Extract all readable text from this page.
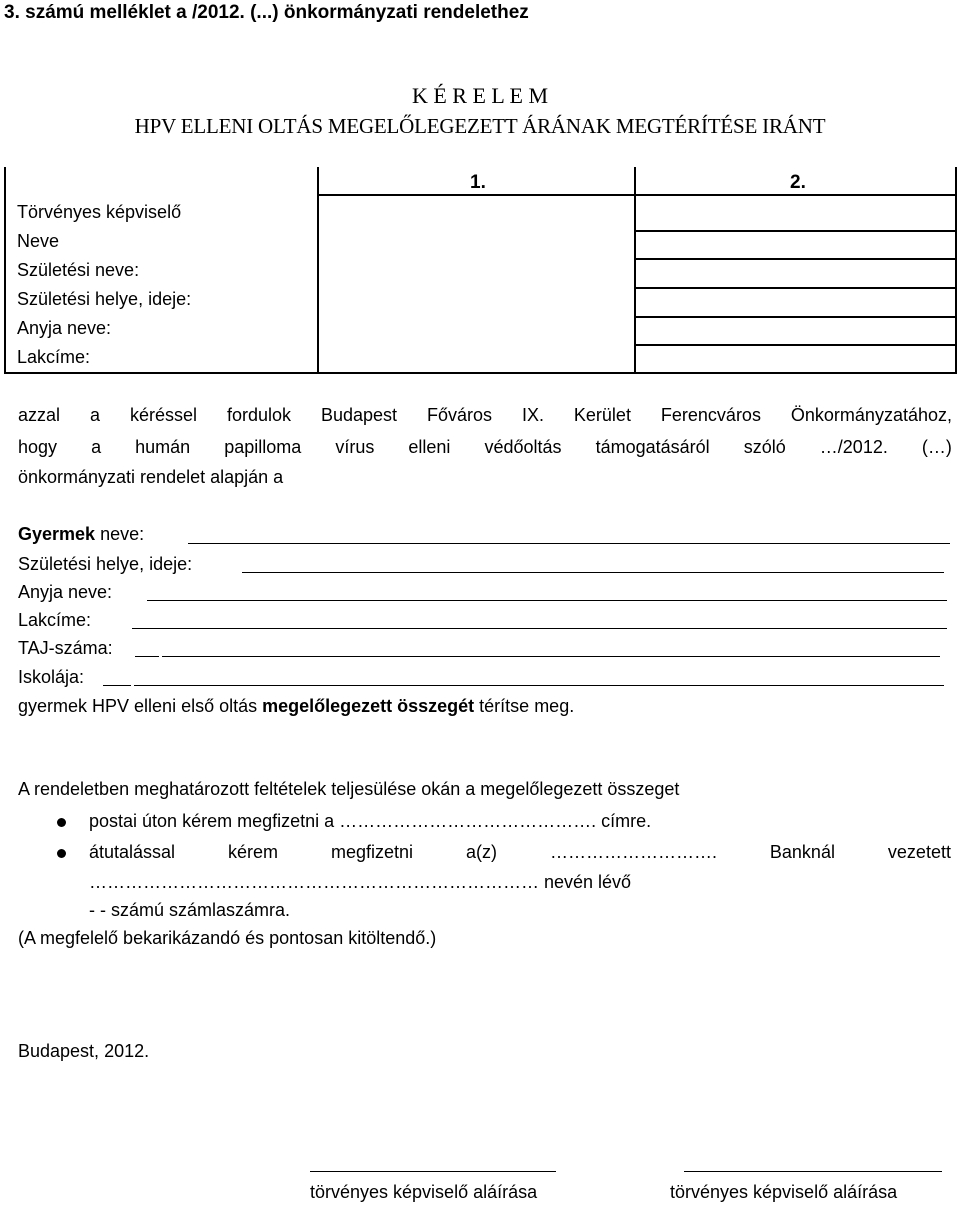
3. számú melléklet a /2012. (...) önkormányzati rendelethez
K É R E L E M
HPV ELLENI OLTÁS MEGELŐLEGEZETT ÁRÁNAK MEGTÉRÍTÉSE IRÁNT
1.	2.
Törvényes képviselő
Neve
Születési neve:
Születési helye, ideje:
Anyja neve:
Lakcíme:
azzal a kéréssel fordulok Budapest Főváros IX. Kerület Ferencváros Önkormányzatához,
hogy a humán papilloma vírus elleni védőoltás támogatásáról szóló …/2012. (…)
önkormányzati rendelet alapján a
Gyermek neve:
Születési helye, ideje:
Anyja neve:
Lakcíme:
TAJ-száma:
Iskolája:
gyermek HPV elleni első oltás megelőlegezett összegét térítse meg.
A rendeletben meghatározott feltételek teljesülése okán a megelőlegezett összeget
postai úton kérem megfizetni a ……………………………………. címre.
átutalással	kérem	megfizetni	a(z)	……………………….	Banknál	vezetett
………………………………………………………………… nevén lévő
- - számú számlaszámra.
(A megfelelő bekarikázandó és pontosan kitöltendő.)
Budapest, 2012.
törvényes képviselő aláírása	törvényes képviselő aláírása
